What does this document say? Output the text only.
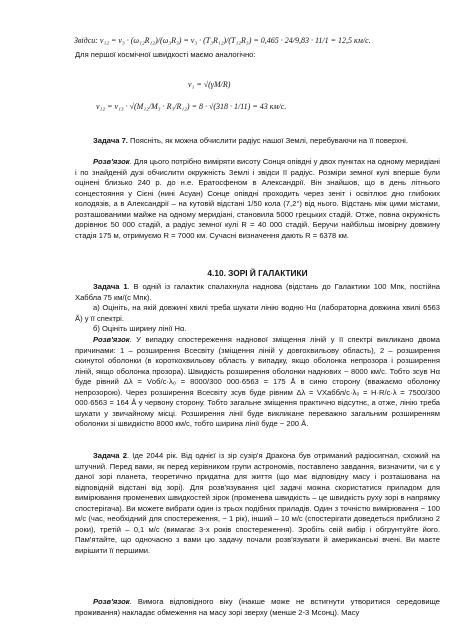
Звідси: v₁₂ = v₃ · (ω₁₂R₁₂)/(ω₃R₃) = v₃ · (T₃R₁₂)/(T₁₂R₃) = 0,465 · 24/9,83 · 11/1 = 12,5 км/с.
Для першої космічної швидкості маємо аналогічно:
v₁ = √(γM/R)
v₁₂ = v₁₃ · √(M₁₂/M₃ · R₃/R₁₂) = 8 · √(318 · 1/11) = 43 км/с.
Задача 7. Поясніть, як можна обчислити радіус нашої Землі, перебуваючи на її поверхні.
Розв'язок. Для цього потрібно виміряти висоту Сонця опівдні у двох пунктах на одному меридіані і по знайденій дузі обчислити окружність Землі і звідси її радіус. Розміри земної кулі вперше були оцінені близько 240 р. до н.е. Ератосфеном в Александрії. Він знайшов, що в день літнього сонцестояння у Сієні (нині Асуан) Сонце опівдні проходить через зеніт і освітлює дно глибоких колодязів, а в Александрії – на кутовій відстані 1/50 кола (7,2°) від нього. Відстань між цими містами, розташованими майже на одному меридіані, становила 5000 грецьких стадій. Отже, повна окружність дорівнює 50 000 стадій, а радіус земної кулі R = 40 000 стадій. Беручи найбільш імовірну довжину стадія 175 м, отримуємо R = 7000 км. Сучасні визначення дають R = 6378 км.
4.10. ЗОРІ Й ГАЛАКТИКИ
Задача 1. В одній із галактик спалахнула наднова (відстань до Галактики 100 Мпк, постійна Хаббла 75 км/(с Мпк).
а) Оцініть, на якій довжині хвилі треба шукати лінію водню Hα (лабораторна довжина хвилі 6563 Å) у її спектрі.
б) Оцініть ширину лінії Hα.
Розв'язок. У випадку спостереження наднової зміщення ліній у її спектрі викликано двома причинами: 1 – розширення Всесвіту (зміщення ліній у довгохвильову область), 2 – розширення скинутої оболонки (в короткохвильову область у випадку, якщо оболонка непрозора і розширення ліній, якщо оболонка прозора). Швидкість розширення оболонки наднових ~ 8000 км/с. Тобто зсув Hα буде рівний Δλ = Vоб/c·λ₀ = 8000/300 000·6563 = 175 Å в синю сторону (вважаємо оболонку непрозорою). Через розширення Всесвіту зсув буде рівним Δλ = VХаббл/c·λ₀ = H·R/c·λ = 7500/300 000·6563 = 164 Å у червону сторону. Тобто загальне зміщення практично відсутнє, а отже, лінію треба шукати у звичайному місці. Розширення лінії буде викликане переважно загальним розширенням оболонки зі швидкістю 8000 км/с, тобто ширина лінії буде ~ 200 Å.
Задача 2. Іде 2044 рік. Від однієї із зір сузір'я Дракона був отриманий радіосигнал, схожий на штучний. Перед вами, як перед керівником групи астрономів, поставлено завдання, визначити, чи є у даної зорі планета, теоретично придатна для життя (що має відповідну масу і розташована на відповідній відстані від зорі). Для розв'язування цієї задачі можна скористатися приладом для вимірювання променевих швидкостей зірок (променева швидкість – це швидкість руху зорі в напрямку спостерігача). Ви можете вибрати один із трьох подібних приладів. Один з точністю вимірювання ~ 100 м/с (час, необхідний для спостереження, ~ 1 рік), інший – 10 м/с (спостерігати доведеться приблизно 2 роки), третій – 0,1 м/с (вимагає 3-х років спостереження). Зробіть свій вибір і обгрунтуйте його. Пам'ятайте, що одночасно з вами цю задачу почали розв'язувати й американські вчені. Ви маєте вирішити її першими.
Розв'язок. Вимога відповідного віку (інакше може не встигнути утворитися середовище проживання) накладає обмеження на масу зорі зверху (менше 2-3 Mсонц). Масу
